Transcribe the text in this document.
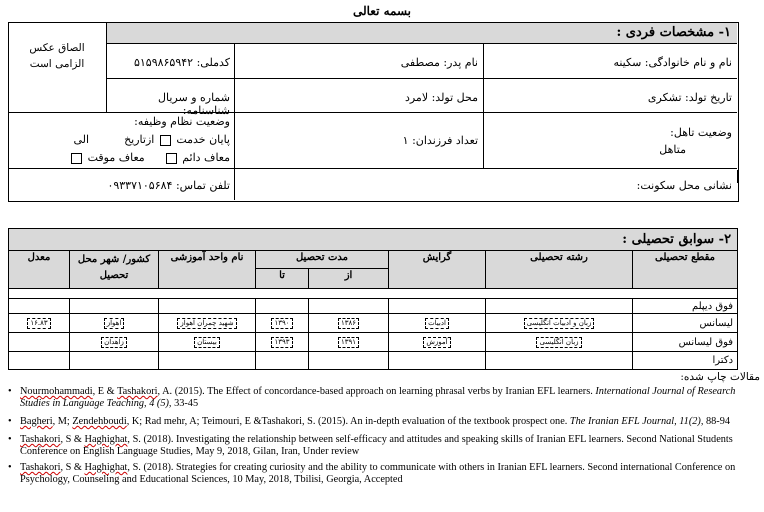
بسمه تعالی
۱- مشخصات فردی :
الصاق عکس الزامی است	نام و نام خانوادگی: سکینه
نام پدر: مصطفی
کدملی: ۵۱۵۹۸۶۵۹۴۲
تاریخ تولد: تشکری
محل تولد: لامرد
شماره و سریال شناسنامه:
وضعیت تاهل:
متاهل
تعداد فرزندان: ۱
وضعیت نظام وظیفه:
پایان خدمت  ازتاریخ  الی
معاف دائم   معاف موقت
نشانی محل سکونت:
تلفن تماس: ۰۹۳۳۷۱۰۵۶۸۴
۲- سوابق تحصیلی :							
معدل	کشور/ شهر محل تحصیل	نام واحد آموزشی	مدت تحصیل		گرایش	رشته تحصیلی	مقطع تحصیلی
			تا	از			

							فوق دیپلم
۱۶.۸۳	اهواز	شهید چمران اهواز	۱۳۹۰	۱۳۸۶	ادبیات	زبان و ادبیات انگلیسی	لیسانس
	زاهدان	بیستان	۱۳۹۳	۱۳۹۱	آموزش	زبان انگلیسی	فوق لیسانس
							دکترا
مقالات چاپ شده:

• Nourmohammadi, E & Tashakori, A. (2015). The Effect of concordance-based approach on learning phrasal verbs by Iranian EFL learners. International Journal of Research Studies in Language Teaching, 4 (5), 33-45

• Bagheri, M; Zendehboudi, K; Rad mehr, A; Teimouri, E &Tashakori, S. (2015). An in-depth evaluation of the textbook prospect one. The Iranian EFL Journal, 11(2), 88-94

• Tashakori, S & Haghighat, S. (2018). Investigating the relationship between self-efficacy and attitudes and speaking skills of Iranian EFL learners. Second National Students Conference on English Language Studies, May 9, 2018, Gilan, Iran, Under review

• Tashakori, S & Haghighat, S. (2018). Strategies for creating curiosity and the ability to communicate with others in Iranian EFL learners. Second international Conference on Psychology, Counseling and Educational Sciences, 10 May, 2018, Tbilisi, Georgia, Accepted
